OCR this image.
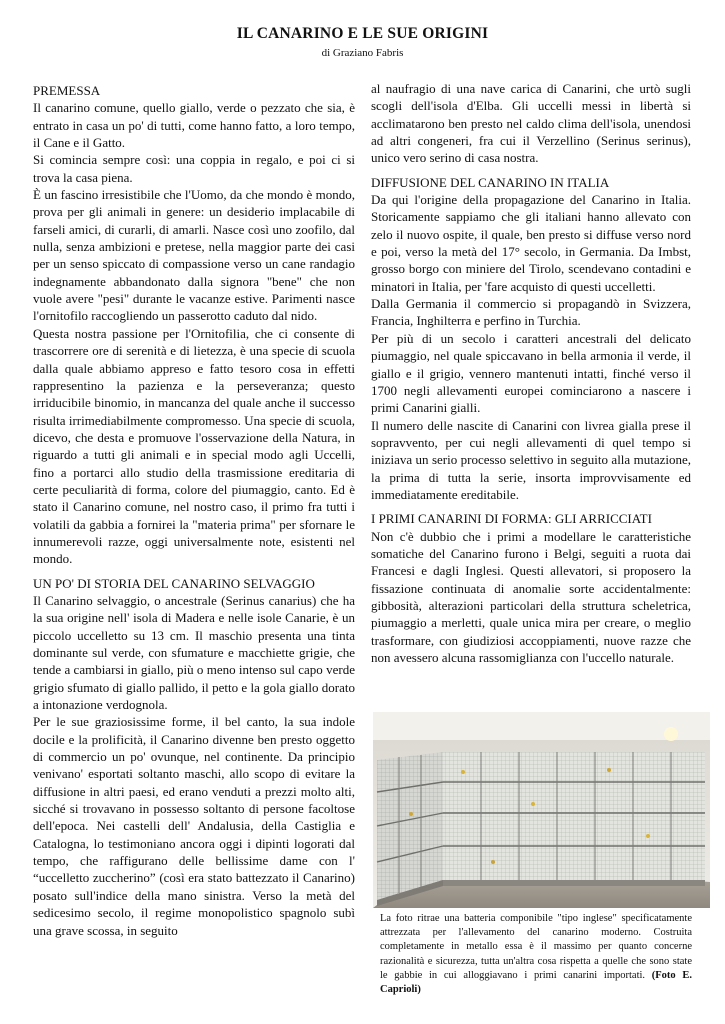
IL CANARINO E LE SUE ORIGINI
di Graziano Fabris
PREMESSA

Il canarino comune, quello giallo, verde o pezzato che sia, è entrato in casa un po' di tutti, come hanno fatto, a loro tempo, il Cane e il Gatto.

Si comincia sempre così: una coppia in regalo, e poi ci si trova la casa piena.

È un fascino irresistibile che l'Uomo, da che mondo è mondo, prova per gli animali in genere: un desiderio implacabile di farseli amici, di curarli, di amarli. Nasce così uno zoofilo, dal nulla, senza ambizioni e pretese, nella maggior parte dei casi per un senso spiccato di compassione verso un cane randagio indegnamente abbandonato dalla signora "bene" che non vuole avere "pesi" durante le vacanze estive. Parimenti nasce l'ornitofilo raccogliendo un passerotto caduto dal nido.

Questa nostra passione per l'Ornitofilia, che ci consente di trascorrere ore di serenità e di lietezza, è una specie di scuola dalla quale abbiamo appreso e fatto tesoro cosa in effetti rappresentino la pazienza e la perseveranza; questo irriducibile binomio, in mancanza del quale anche il successo risulta irrimediabilmente compromesso. Una specie di scuola, dicevo, che desta e promuove l'osservazione della Natura, in riguardo a tutti gli animali e in special modo agli Uccelli, fino a portarci allo studio della trasmissione ereditaria di certe peculiarità di forma, colore del piumaggio, canto. Ed è stato il Canarino comune, nel nostro caso, il primo fra tutti i volatili da gabbia a fornirei la "materia prima" per sfornare le innumerevoli razze, oggi universalmente note, esistenti nel mondo.

UN PO' DI STORIA DEL CANARINO SELVAGGIO

Il Canarino selvaggio, o ancestrale (Serinus canarius) che ha la sua origine nell' isola di Madera e nelle isole Canarie, è un piccolo uccelletto su 13 cm. Il maschio presenta una tinta dominante sul verde, con sfumature e macchiette grigie, che tende a cambiarsi in giallo, più o meno intenso sul capo verde grigio sfumato di giallo pallido, il petto e la gola giallo dorato a intonazione verdognola.

Per le sue graziosissime forme, il bel canto, la sua indole docile e la prolificità, il Canarino divenne ben presto oggetto di commercio un po' ovunque, nel continente. Da principio venivano' esportati soltanto maschi, allo scopo di evitare la diffusione in altri paesi, ed erano venduti a prezzi molto alti, sicché si trovavano in possesso soltanto di persone facoltose dell'epoca. Nei castelli dell' Andalusia, della Castiglia e Catalogna, lo testimoniano ancora oggi i dipinti logorati dal tempo, che raffigurano delle bellissime dame con l' “uccelletto zuccherino” (così era stato battezzato il Canarino) posato sull'indice della mano sinistra. Verso la metà del sedicesimo secolo, il regime monopolistico spagnolo subì una grave scossa, in seguito

al naufragio di una nave carica di Canarini, che urtò sugli scogli dell'isola d'Elba. Gli uccelli messi in libertà si acclimatarono ben presto nel caldo clima dell'isola, unendosi ad altri congeneri, fra cui il Verzellino (Serinus serinus), unico vero serino di casa nostra.

DIFFUSIONE DEL CANARINO IN ITALIA

Da qui l'origine della propagazione del Canarino in Italia. Storicamente sappiamo che gli italiani hanno allevato con zelo il nuovo ospite, il quale, ben presto si diffuse verso nord e poi, verso la metà del 17° secolo, in Germania. Da Imbst, grosso borgo con miniere del Tirolo, scendevano contadini e minatori in Italia, per 'fare acquisto di questi uccelletti.

Dalla Germania il commercio si propagandò in Svizzera, Francia, Inghilterra e perfino in Turchia.

Per più di un secolo i caratteri ancestrali del delicato piumaggio, nel quale spiccavano in bella armonia il verde, il giallo e il grigio, vennero mantenuti intatti, finché verso il 1700 negli allevamenti europei cominciarono a nascere i primi Canarini gialli.

Il numero delle nascite di Canarini con livrea gialla prese il sopravvento, per cui negli allevamenti di quel tempo si iniziava un serio processo selettivo in seguito alla mutazione, la prima di tutta la serie, insorta improvvisamente ed immediatamente ereditabile.

I PRIMI CANARINI DI FORMA: GLI ARRICCIATI

Non c'è dubbio che i primi a modellare le caratteristiche somatiche del Canarino furono i Belgi, seguiti a ruota dai Francesi e dagli Inglesi. Questi allevatori, si proposero la fissazione continuata di anomalie sorte accidentalmente: gibbosità, alterazioni particolari della struttura scheletrica, piumaggio a merletti, quale unica mira per creare, o meglio trasformare, con giudiziosi accoppiamenti, nuove razze che non avessero alcuna rassomiglianza con l'uccello naturale.

La foto ritrae una batteria componibile "tipo inglese" specificatamente attrezzata per l'allevamento del canarino moderno. Costruita completamente in metallo essa è il massimo per quanto concerne razionalità e sicurezza, tutta un'altra cosa rispetta a quelle che sono state le gabbie in cui alloggiavano i primi canarini importati. (Foto E. Caprioli)
